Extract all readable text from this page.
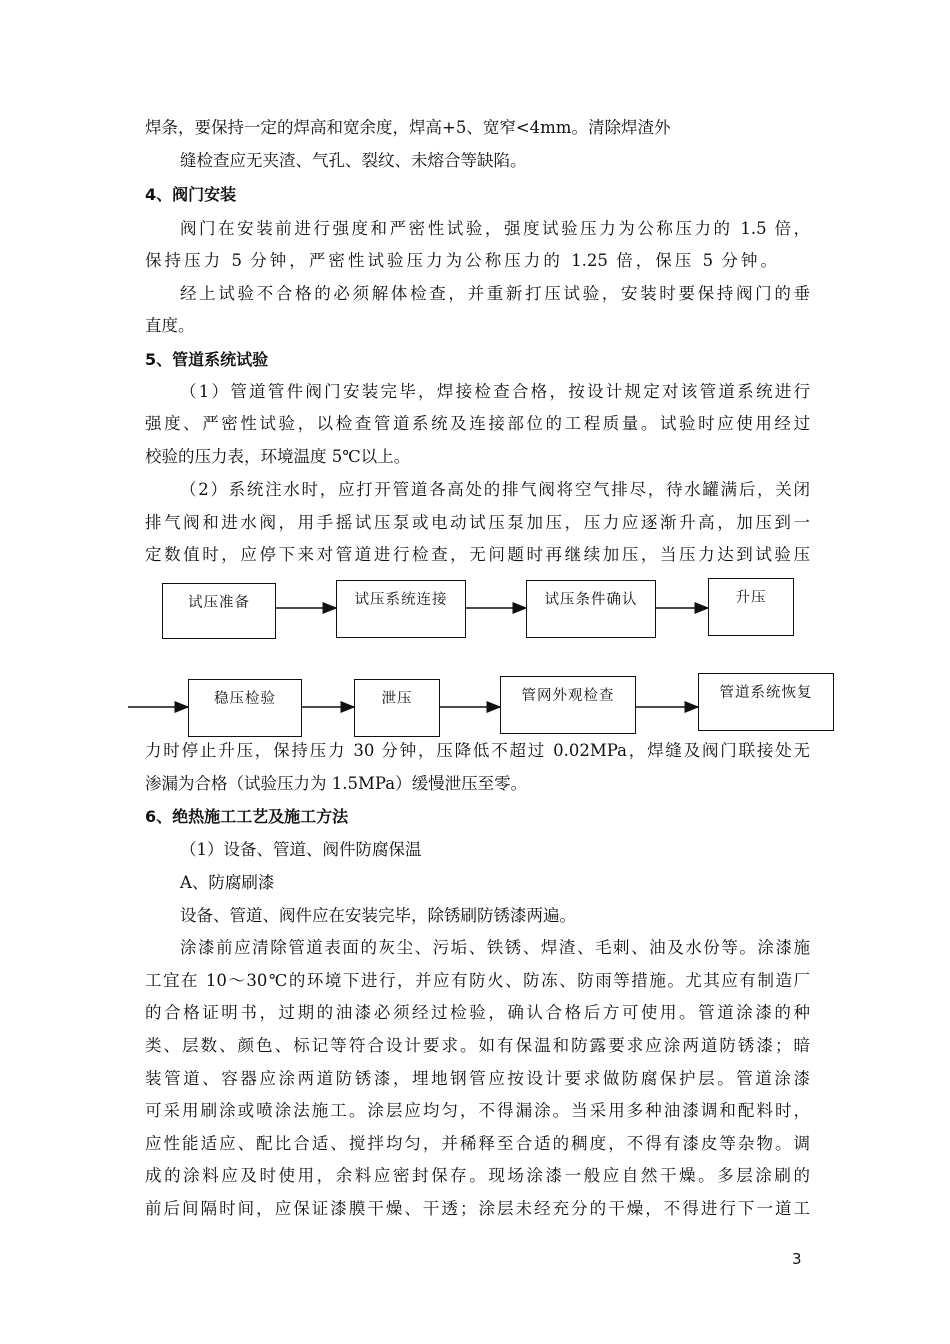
焊条，要保持一定的焊高和宽余度，焊高+5、宽窄<4mm。清除焊渣外
缝检查应无夹渣、气孔、裂纹、未熔合等缺陷。
4、阀门安装
阀门在安装前进行强度和严密性试验，强度试验压力为公称压力的 1.5 倍，
保持压力 5 分钟，严密性试验压力为公称压力的 1.25 倍，保压 5 分钟。
经上试验不合格的必须解体检查，并重新打压试验，安装时要保持阀门的垂
直度。
5、管道系统试验
（1）管道管件阀门安装完毕，焊接检查合格，按设计规定对该管道系统进行
强度、严密性试验，以检查管道系统及连接部位的工程质量。试验时应使用经过
校验的压力表，环境温度 5℃以上。
（2）系统注水时，应打开管道各高处的排气阀将空气排尽，待水罐满后，关闭
排气阀和进水阀，用手摇试压泵或电动试压泵加压，压力应逐渐升高，加压到一
定数值时，应停下来对管道进行检查，无问题时再继续加压，当压力达到试验压
试压准备	试压系统连接	试压条件确认	升压
稳压检验	泄压	管网外观检查	管道系统恢复
力时停止升压，保持压力 30 分钟，压降低不超过 0.02MPa，焊缝及阀门联接处无
渗漏为合格（试验压力为 1.5MPa）缓慢泄压至零。
6、绝热施工工艺及施工方法
（1）设备、管道、阀件防腐保温
A、防腐刷漆
设备、管道、阀件应在安装完毕，除锈刷防锈漆两遍。
涂漆前应清除管道表面的灰尘、污垢、铁锈、焊渣、毛刺、油及水份等。涂漆施
工宜在 10～30℃的环境下进行，并应有防火、防冻、防雨等措施。尤其应有制造厂
的合格证明书，过期的油漆必须经过检验，确认合格后方可使用。管道涂漆的种
类、层数、颜色、标记等符合设计要求。如有保温和防露要求应涂两道防锈漆；暗
装管道、容器应涂两道防锈漆，埋地钢管应按设计要求做防腐保护层。管道涂漆
可采用刷涂或喷涂法施工。涂层应均匀，不得漏涂。当采用多种油漆调和配料时，
应性能适应、配比合适、搅拌均匀，并稀释至合适的稠度，不得有漆皮等杂物。调
成的涂料应及时使用，余料应密封保存。现场涂漆一般应自然干燥。多层涂刷的
前后间隔时间，应保证漆膜干燥、干透；涂层未经充分的干燥，不得进行下一道工
3
